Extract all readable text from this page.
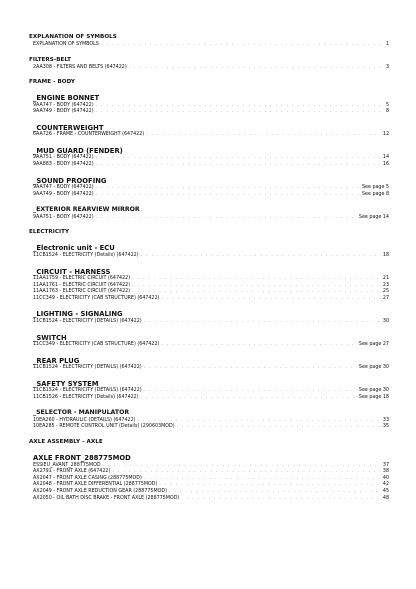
EXPLANATION OF SYMBOLS
EXPLANATION OF SYMBOLS . . .	1
FILTERS-BELT
2AA308 - FILTERS AND BELTS (647422) . . .	3
FRAME - BODY
_ENGINE BONNET
9AA747 - BODY (647422) . . .	5
9AA749 - BODY (647422) . . .	8
_COUNTERWEIGHT
6AA726 - FRAME - COUNTERWEIGHT (647422) . . .	12
_MUD GUARD (FENDER)
9AA751 - BODY (647422) . . .	14
9AA883 - BODY (647422) . . .	16
_SOUND PROOFING
9AA747 - BODY (647422) . . .	See page 5
9AA749 - BODY (647422) . . .	See page 8
_EXTERIOR REARVIEW MIRROR
9AA751 - BODY (647422) . . .	See page 14
ELECTRICITY
_Electronic unit - ECU
11CB1524 - ELECTRICITY (Details) (647422) . . .	18
_CIRCUIT - HARNESS
11AA1759 - ELECTRIC CIRCUIT (647422) . . .	21
11AA1761 - ELECTRIC CIRCUIT (647422) . . .	23
11AA1763 - ELECTRIC CIRCUIT (647422) . . .	25
11CC349 - ELECTRICITY (CAB STRUCTURE) (647422) . . .	27
_LIGHTING - SIGNALING
11CB1524 - ELECTRICITY (DETAILS) (647422) . . .	30
_SWITCH
11CC349 - ELECTRICITY (CAB STRUCTURE) (647422) . . .	See page 27
_REAR PLUG
11CB1524 - ELECTRICITY (DETAILS) (647422) . . .	See page 30
_SAFETY SYSTEM
11CB1524 - ELECTRICITY (DETAILS) (647422) . . .	See page 30
11CB1526 - ELECTRICITY (Details) (647422) . . .	See page 18
_SELECTOR - MANIPULATOR
10EA260 - HYDRAULIC (DETAILS) (647422) . . .	33
10EA285 - REMOTE CONTROL UNIT (Details) (290603MOD) . . .	35
AXLE ASSEMBLY - AXLE
AXLE FRONT_288775MOD
ESSIEU_AVANT_288775MOD . . .	37
AX2791 - FRONT AXLE (647422) . . .	38
AX2047 - FRONT AXLE CASING (288775MOD) . . .	40
AX2048 - FRONT AXLE DIFFERENTIAL (288775MOD) . . .	42
AX2049 - FRONT AXLE REDUCTION GEAR (288775MOD) . . .	45
AX2050 - OIL BATH DISC BRAKE - FRONT AXLE (288775MOD) . . .	48
